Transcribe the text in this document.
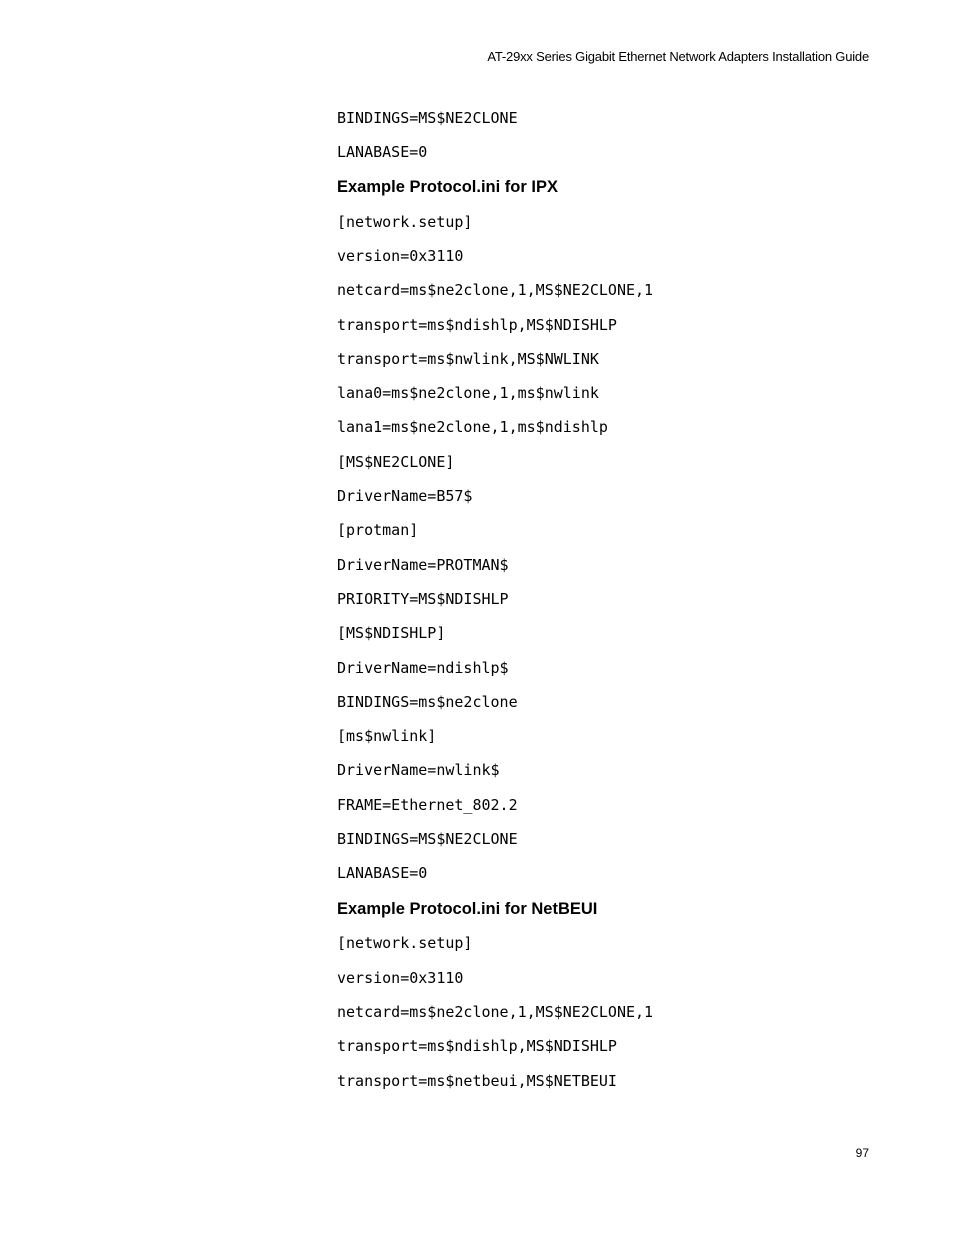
AT-29xx Series Gigabit Ethernet Network Adapters Installation Guide
BINDINGS=MS$NE2CLONE
LANABASE=0
Example Protocol.ini for IPX
[network.setup]
version=0x3110
netcard=ms$ne2clone,1,MS$NE2CLONE,1
transport=ms$ndishlp,MS$NDISHLP
transport=ms$nwlink,MS$NWLINK
lana0=ms$ne2clone,1,ms$nwlink
lana1=ms$ne2clone,1,ms$ndishlp
[MS$NE2CLONE]
DriverName=B57$
[protman]
DriverName=PROTMAN$
PRIORITY=MS$NDISHLP
[MS$NDISHLP]
DriverName=ndishlp$
BINDINGS=ms$ne2clone
[ms$nwlink]
DriverName=nwlink$
FRAME=Ethernet_802.2
BINDINGS=MS$NE2CLONE
LANABASE=0
Example Protocol.ini for NetBEUI
[network.setup]
version=0x3110
netcard=ms$ne2clone,1,MS$NE2CLONE,1
transport=ms$ndishlp,MS$NDISHLP
transport=ms$netbeui,MS$NETBEUI
97
